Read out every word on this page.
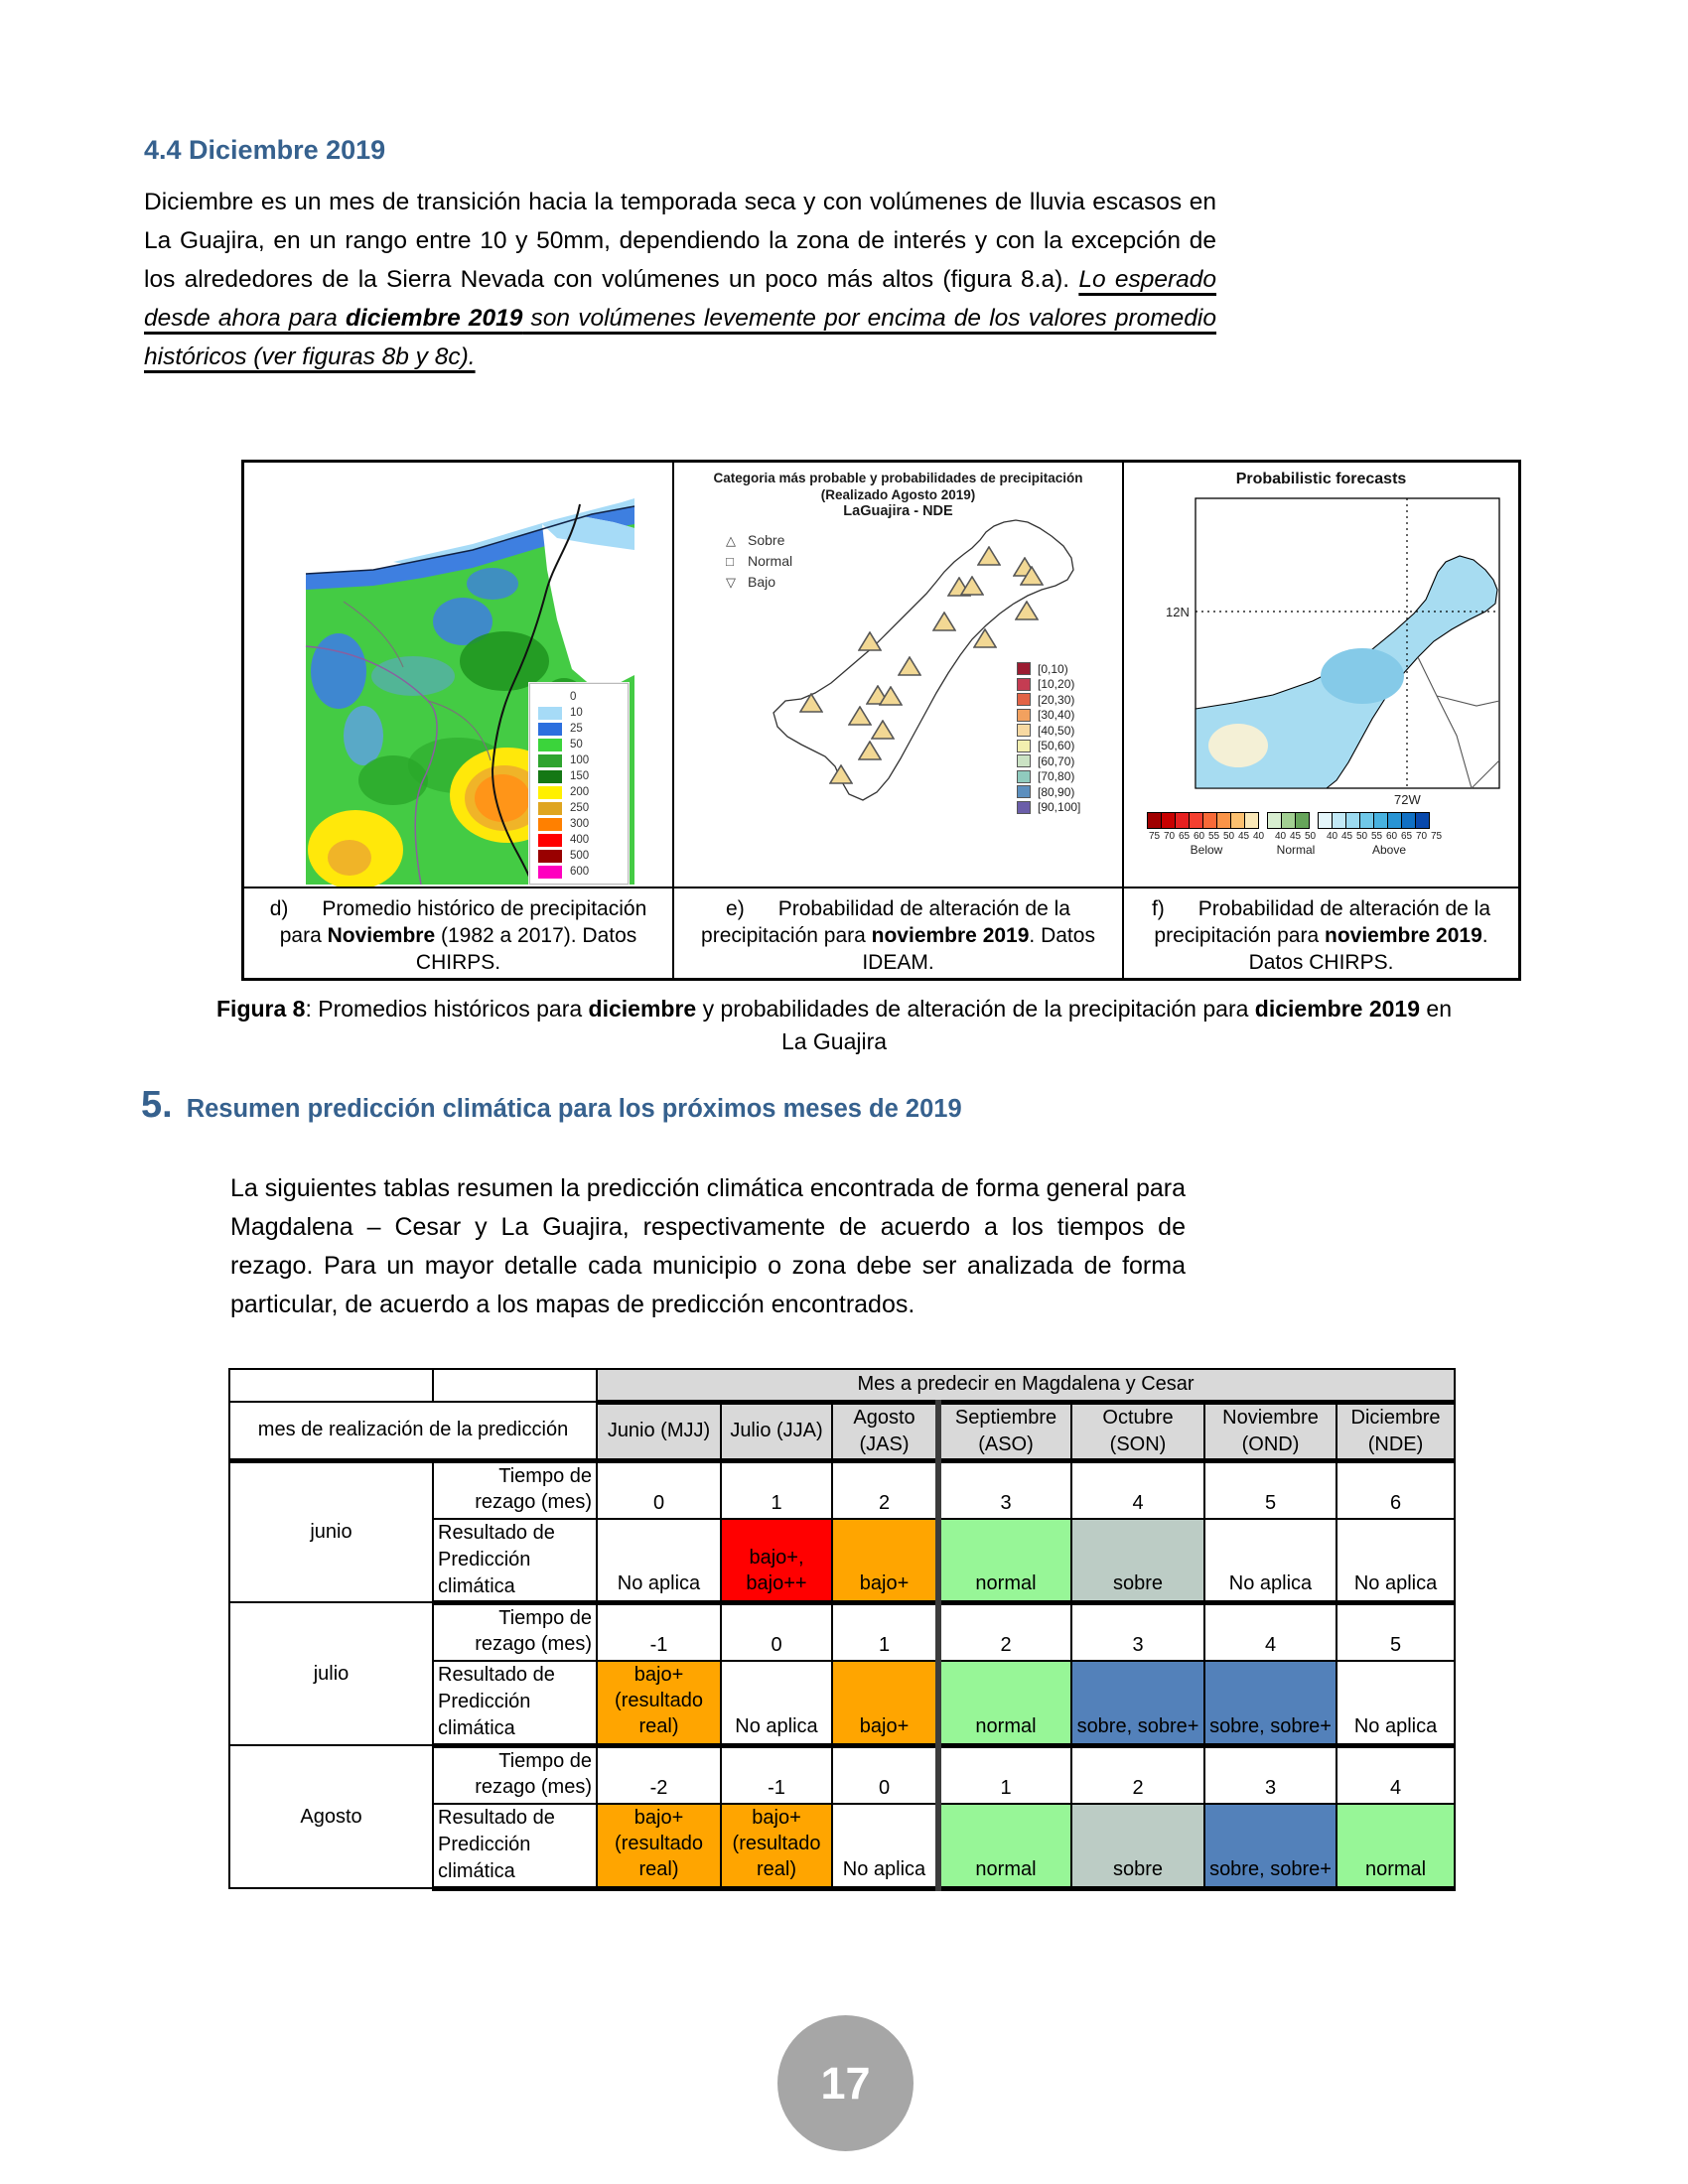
4.4 Diciembre 2019
Diciembre es un mes de transición hacia la temporada seca y con volúmenes de lluvia escasos en La Guajira, en un rango entre 10 y 50mm, dependiendo la zona de interés y con la excepción de los alrededores de la Sierra Nevada con volúmenes un poco más altos (figura 8.a). Lo esperado desde ahora para diciembre 2019 son volúmenes levemente por encima de los valores promedio históricos (ver figuras 8b y 8c).
0
10
25
50
100
150
200
250
300
400
500
600
Categoria más probable y probabilidades de precipitación
(Realizado Agosto 2019)
LaGuajira - NDE
△ Sobre
□ Normal
▽ Bajo
[0,10)
[10,20)
[20,30)
[30,40)
[40,50)
[50,60)
[60,70)
[70,80)
[80,90)
[90,100]
Probabilistic forecasts
12N
72W
75 70 65 60 55 50 45 40 40 45 50 40 45 50 55 60 65 70 75
Below	Normal	Above
d) Promedio histórico de precipitación para Noviembre (1982 a 2017). Datos CHIRPS.
e) Probabilidad de alteración de la precipitación para noviembre 2019. Datos IDEAM.
f) Probabilidad de alteración de la precipitación para noviembre 2019. Datos CHIRPS.
Figura 8: Promedios históricos para diciembre y probabilidades de alteración de la precipitación para diciembre 2019 en La Guajira
5. Resumen predicción climática para los próximos meses de 2019
La siguientes tablas resumen la predicción climática encontrada de forma general para Magdalena – Cesar y La Guajira, respectivamente de acuerdo a los tiempos de rezago. Para un mayor detalle cada municipio o zona debe ser analizada de forma particular, de acuerdo a los mapas de predicción encontrados.
		Mes a predecir en Magdalena y Cesar						
mes de realización de la predicción		Junio (MJJ)	Julio (JJA)	Agosto (JAS)	Septiembre (ASO)	Octubre (SON)	Noviembre (OND)	Diciembre (NDE)
junio	Tiempo de rezago (mes)	0	1	2	3	4	5	6
	Resultado de Predicción climática	No aplica	bajo+, bajo++	bajo+	normal	sobre	No aplica	No aplica
julio	Tiempo de rezago (mes)	-1	0	1	2	3	4	5
	Resultado de Predicción climática	bajo+ (resultado real)	No aplica	bajo+	normal	sobre, sobre+	sobre, sobre+	No aplica
Agosto	Tiempo de rezago (mes)	-2	-1	0	1	2	3	4
	Resultado de Predicción climática	bajo+ (resultado real)	bajo+ (resultado real)	No aplica	normal	sobre	sobre, sobre+	normal
17
